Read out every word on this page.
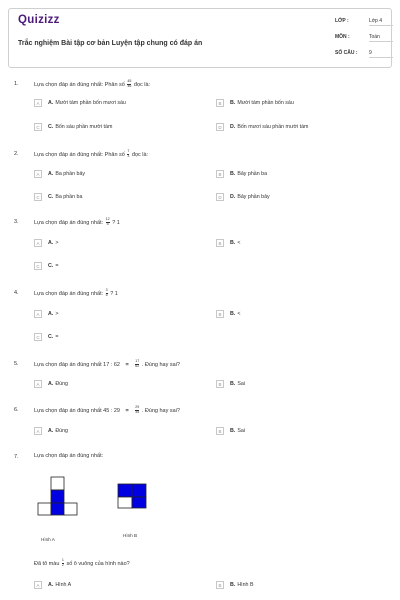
Quizizz
Trắc nghiệm Bài tập cơ bản Luyện tập chung có đáp án
LỚP :	Lớp 4
MÔN :	Toán
SỐ CÂU : 9
1.	Lựa chọn đáp án đúng nhất: Phân số $\frac{45}{46}$ đọc là:
A	A. Mười tám phần bốn mươi sáu	B	B. Mười tám phần bốn sáu
C	C. Bốn sáu phần mười tám	D	D. Bốn mươi sáu phần mười tám
2.	Lựa chọn đáp án đúng nhất: Phân số $\frac{7}{3}$ đọc là:
A	A. Ba phần bảy	B	B. Bảy phần ba
C	C. Ba phần ba	D	D. Bảy phần bảy
3.	Lựa chọn đáp án đúng nhất: $\frac{12}{5}$ ? 1
A	A. >	B	B. <
C	C. =
4.	Lựa chọn đáp án đúng nhất: $\frac{3}{5}$ ? 1
A	A. >	B	B. <
C	C. =
5.	Lựa chọn đáp án đúng nhất 17 : $62 = \frac{17}{62}$ . Đúng hay sai?
A	A. Đúng	B	B. Sai
6.	Lựa chọn đáp án đúng nhất 45 : $29 = \frac{29}{45}$ . Đúng hay sai?
A	A. Đúng	B	B. Sai
7.	Lựa chọn đáp án đúng nhất:
Hình A
Hình B
Đã tô màu $\frac{1}{2}$ số ô vuông của hình nào?
A	A. Hình A	B	B. Hình B
